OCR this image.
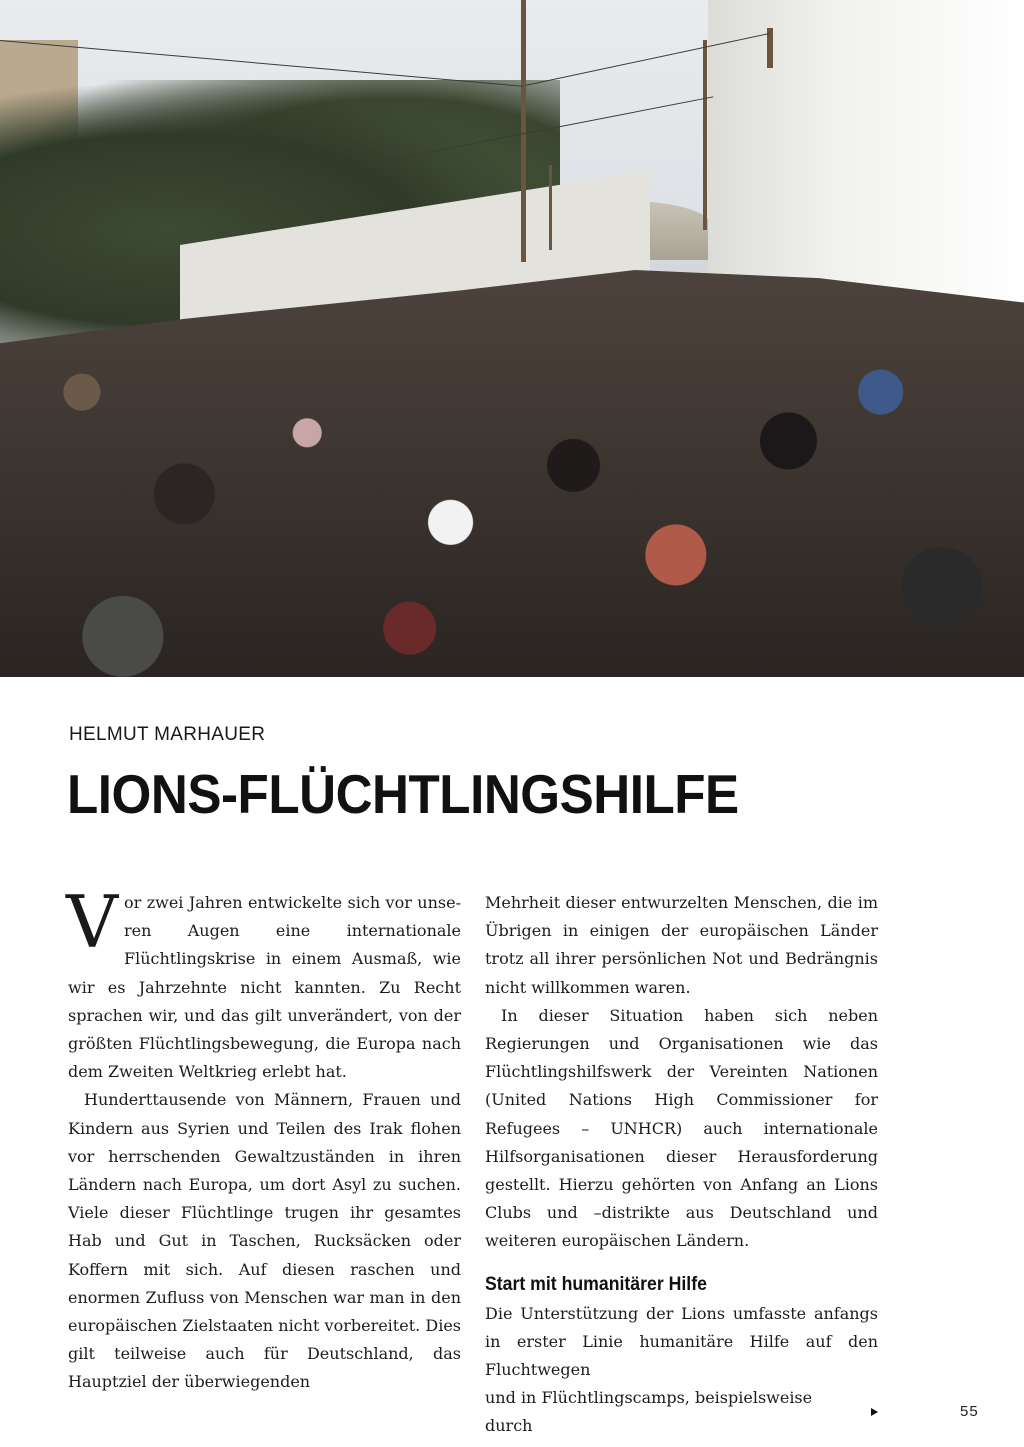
HELMUT MARHAUER

LIONS-FLÜCHTLINGSHILFE

Vor zwei Jahren entwickelte sich vor unseren Augen eine internationale Flüchtlingskrise in einem Ausmaß, wie wir es Jahrzehnte nicht kannten. Zu Recht sprachen wir, und das gilt unverändert, von der größten Flüchtlingsbewegung, die Europa nach dem Zweiten Weltkrieg erlebt hat.

Hunderttausende von Männern, Frauen und Kindern aus Syrien und Teilen des Irak flohen vor herrschenden Gewaltzuständen in ihren Ländern nach Europa, um dort Asyl zu suchen. Viele dieser Flüchtlinge trugen ihr gesamtes Hab und Gut in Taschen, Rucksäcken oder Koffern mit sich. Auf diesen raschen und enormen Zufluss von Menschen war man in den europäischen Zielstaaten nicht vorbereitet. Dies gilt teilweise auch für Deutschland, das Hauptziel der überwiegenden

Mehrheit dieser entwurzelten Menschen, die im Übrigen in einigen der europäischen Länder trotz all ihrer persönlichen Not und Bedrängnis nicht willkommen waren.

In dieser Situation haben sich neben Regierungen und Organisationen wie das Flüchtlingshilfswerk der Vereinten Nationen (United Nations High Commissioner for Refugees – UNHCR) auch internationale Hilfsorganisationen dieser Herausforderung gestellt. Hierzu gehörten von Anfang an Lions Clubs und –distrikte aus Deutschland und weiteren europäischen Ländern.

Start mit humanitärer Hilfe

Die Unterstützung der Lions umfasste anfangs in erster Linie humanitäre Hilfe auf den Fluchtwegen

und in Flüchtlingscamps, beispielsweise durch
55
